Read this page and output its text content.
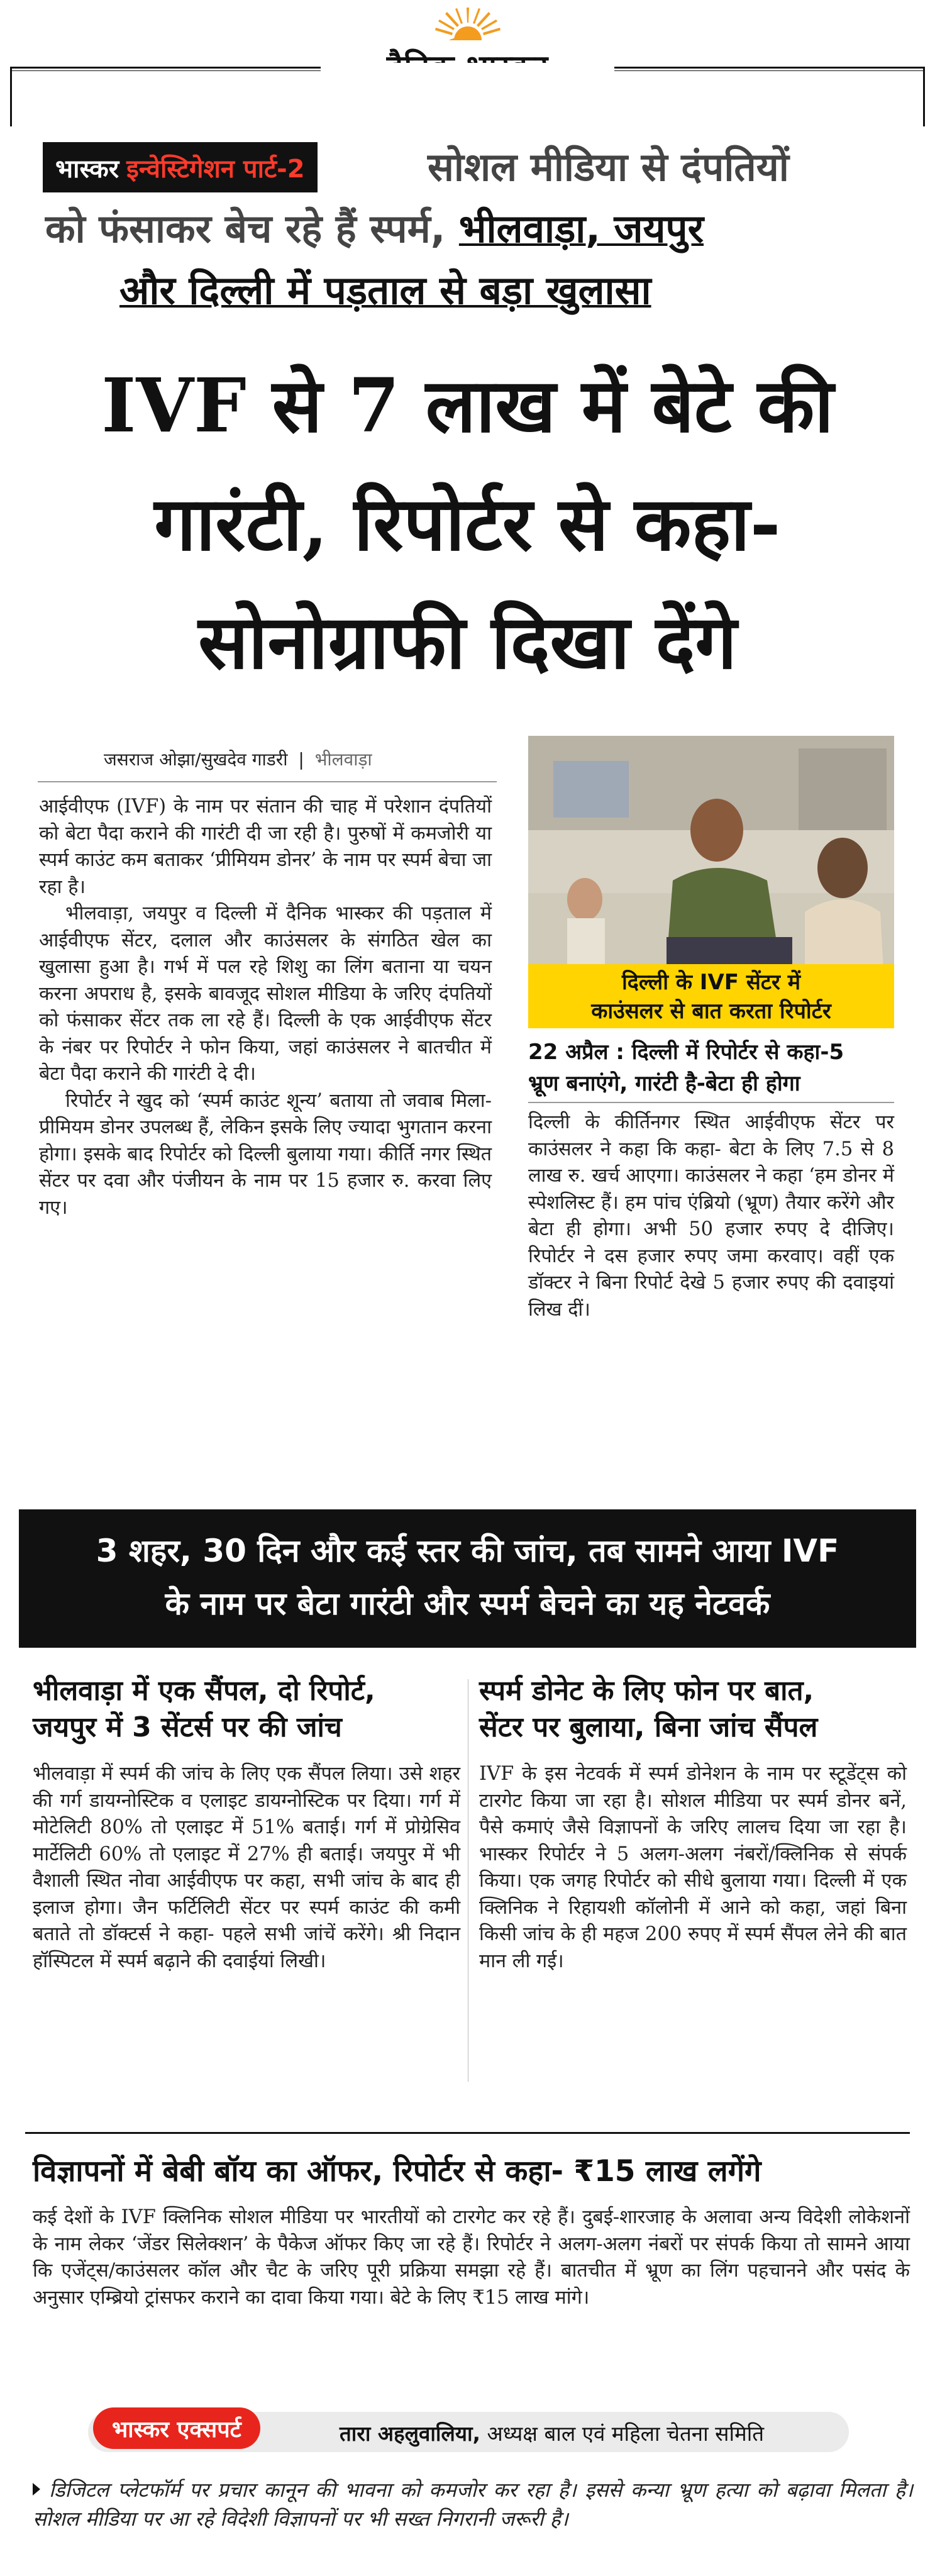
भास्कर इन्वेस्टिगेशन पार्ट-2	सोशल मीडिया से दंपतियों
को फंसाकर बेच रहे हैं स्पर्म, भीलवाड़ा, जयपुर
और दिल्ली में पड़ताल से बड़ा खुलासा
IVF से 7 लाख में बेटे की
गारंटी, रिपोर्टर से कहा-
सोनोग्राफी दिखा देंगे
जसराज ओझा/सुखदेव गाडरी | भीलवाड़ा

आईवीएफ (IVF) के नाम पर संतान की चाह में परेशान दंपतियों को बेटा पैदा कराने की गारंटी दी जा रही है। पुरुषों में कमजोरी या स्पर्म काउंट कम बताकर ‘प्रीमियम डोनर’ के नाम पर स्पर्म बेचा जा रहा है।

भीलवाड़ा, जयपुर व दिल्ली में दैनिक भास्कर की पड़ताल में आईवीएफ सेंटर, दलाल और काउंसलर के संगठित खेल का खुलासा हुआ है। गर्भ में पल रहे शिशु का लिंग बताना या चयन करना अपराध है, इसके बावजूद सोशल मीडिया के जरिए दंपतियों को फंसाकर सेंटर तक ला रहे हैं। दिल्ली के एक आईवीएफ सेंटर के नंबर पर रिपोर्टर ने फोन किया, जहां काउंसलर ने बातचीत में बेटा पैदा कराने की गारंटी दे दी।

रिपोर्टर ने खुद को ‘स्पर्म काउंट शून्य’ बताया तो जवाब मिला-प्रीमियम डोनर उपलब्ध हैं, लेकिन इसके लिए ज्यादा भुगतान करना होगा। इसके बाद रिपोर्टर को दिल्ली बुलाया गया। कीर्ति नगर स्थित सेंटर पर दवा और पंजीयन के नाम पर 15 हजार रु. करवा लिए गए।

दिल्ली के IVF सेंटर में
काउंसलर से बात करता रिपोर्टर
22 अप्रैल : दिल्ली में रिपोर्टर से कहा-5
भ्रूण बनाएंगे, गारंटी है-बेटा ही होगा

दिल्ली के कीर्तिनगर स्थित आईवीएफ सेंटर पर काउंसलर ने कहा कि कहा- बेटा के लिए 7.5 से 8 लाख रु. खर्च आएगा। काउंसलर ने कहा ‘हम डोनर में स्पेशलिस्ट हैं। हम पांच एंब्रियो (भ्रूण) तैयार करेंगे और बेटा ही होगा। अभी 50 हजार रुपए दे दीजिए। रिपोर्टर ने दस हजार रुपए जमा करवाए। वहीं एक डॉक्टर ने बिना रिपोर्ट देखे 5 हजार रुपए की दवाइयां लिख दीं।

3 शहर, 30 दिन और कई स्तर की जांच, तब सामने आया IVF
के नाम पर बेटा गारंटी और स्पर्म बेचने का यह नेटवर्क
भीलवाड़ा में एक सैंपल, दो रिपोर्ट,
जयपुर में 3 सेंटर्स पर की जांच

भीलवाड़ा में स्पर्म की जांच के लिए एक सैंपल लिया। उसे शहर की गर्ग डायग्नोस्टिक व एलाइट डायग्नोस्टिक पर दिया। गर्ग में मोटेलिटी 80% तो एलाइट में 51% बताई। गर्ग में प्रोग्रेसिव मार्टेलिटी 60% तो एलाइट में 27% ही बताई। जयपुर में भी वैशाली स्थित नोवा आईवीएफ पर कहा, सभी जांच के बाद ही इलाज होगा। जैन फर्टिलिटी सेंटर पर स्पर्म काउंट की कमी बताते तो डॉक्टर्स ने कहा- पहले सभी जांचें करेंगे। श्री निदान हॉस्पिटल में स्पर्म बढ़ाने की दवाईयां लिखी।

स्पर्म डोनेट के लिए फोन पर बात,
सेंटर पर बुलाया, बिना जांच सैंपल

IVF के इस नेटवर्क में स्पर्म डोनेशन के नाम पर स्टूडेंट्स को टारगेट किया जा रहा है। सोशल मीडिया पर स्पर्म डोनर बनें, पैसे कमाएं जैसे विज्ञापनों के जरिए लालच दिया जा रहा है। भास्कर रिपोर्टर ने 5 अलग-अलग नंबरों/क्लिनिक से संपर्क किया। एक जगह रिपोर्टर को सीधे बुलाया गया। दिल्ली में एक क्लिनिक ने रिहायशी कॉलोनी में आने को कहा, जहां बिना किसी जांच के ही महज 200 रुपए में स्पर्म सैंपल लेने की बात मान ली गई।

विज्ञापनों में बेबी बॉय का ऑफर, रिपोर्टर से कहा- ₹15 लाख लगेंगे

कई देशों के IVF क्लिनिक सोशल मीडिया पर भारतीयों को टारगेट कर रहे हैं। दुबई-शारजाह के अलावा अन्य विदेशी लोकेशनों के नाम लेकर ‘जेंडर सिलेक्शन’ के पैकेज ऑफर किए जा रहे हैं। रिपोर्टर ने अलग-अलग नंबरों पर संपर्क किया तो सामने आया कि एजेंट्स/काउंसलर कॉल और चैट के जरिए पूरी प्रक्रिया समझा रहे हैं। बातचीत में भ्रूण का लिंग पहचानने और पसंद के अनुसार एम्ब्रियो ट्रांसफर कराने का दावा किया गया। बेटे के लिए ₹15 लाख मांगे।

भास्कर एक्सपर्ट	तारा अहलुवालिया, अध्यक्ष बाल एवं महिला चेतना समिति
डिजिटल प्लेटफॉर्म पर प्रचार कानून की भावना को कमजोर कर रहा है। इससे कन्या भ्रूण हत्या को बढ़ावा मिलता है। सोशल मीडिया पर आ रहे विदेशी विज्ञापनों पर भी सख्त निगरानी जरूरी है।
